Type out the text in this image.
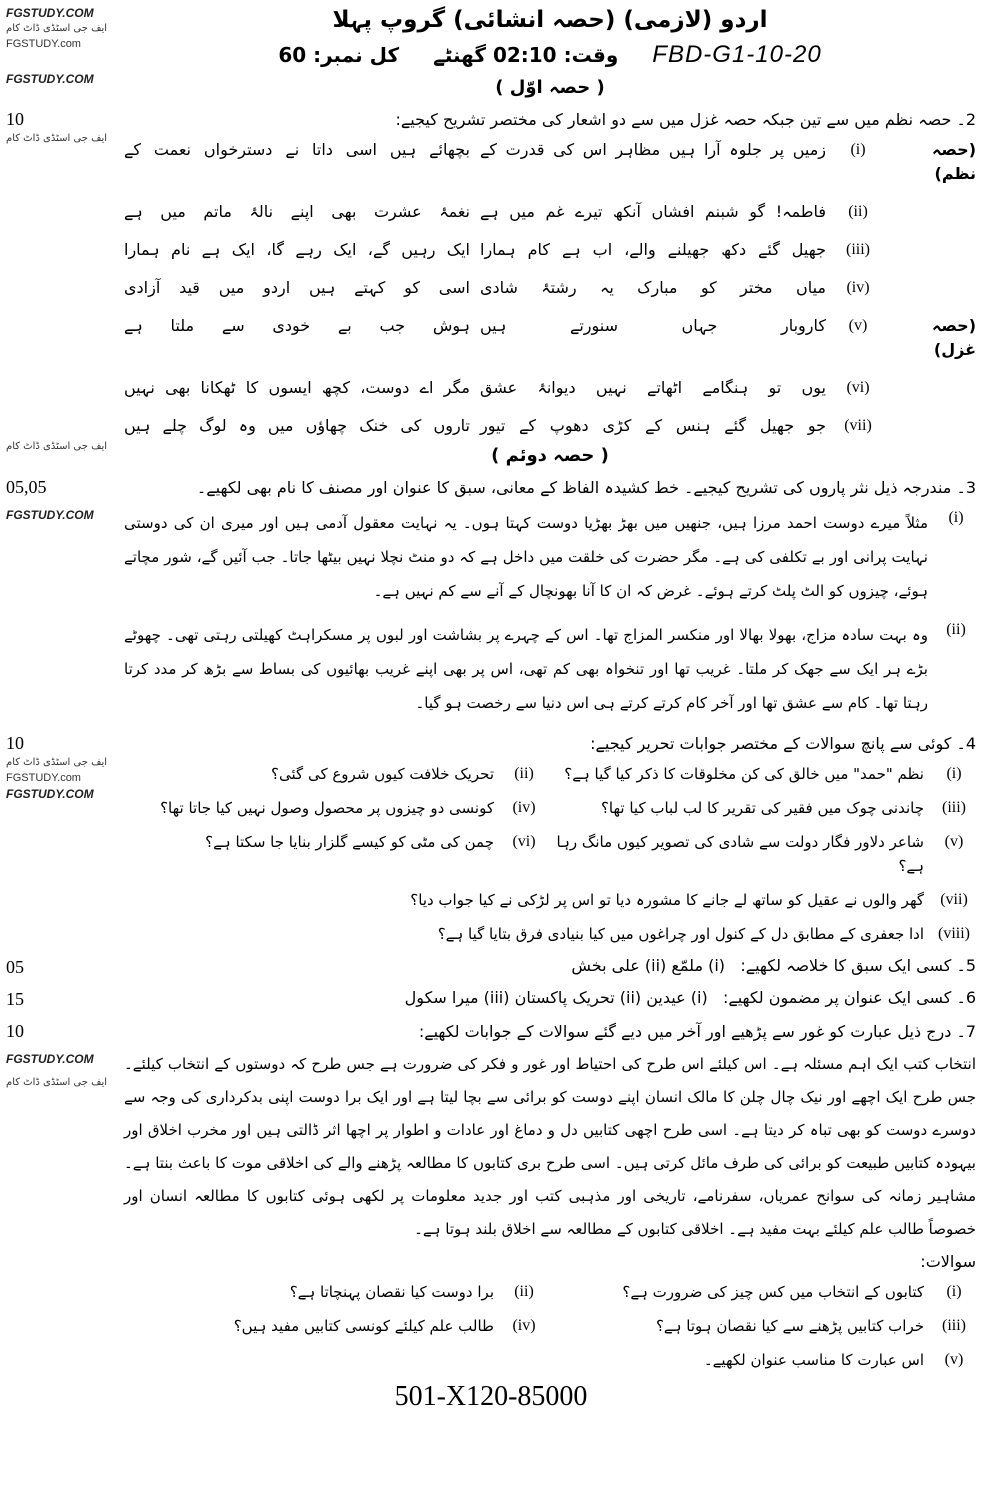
FGSTUDY.COM
ایف جی اسٹڈی ڈاٹ کام
FGSTUDY.com
اردو (لازمی) (حصہ انشائی) گروپ پہلا
کل نمبر: 60 وقت: 02:10 گھنٹے FBD-G1-10-20
FGSTUDY.COM	( حصہ اوّل )
10
ایف جی اسٹڈی ڈاٹ کام
2۔ حصہ نظم میں سے تین جبکہ حصہ غزل میں سے دو اشعار کی مختصر تشریح کیجیے:
(حصہ نظم)
(i)
زمیں پر جلوہ آرا ہیں مظاہر اس کی قدرت کے
بچھائے ہیں اسی داتا نے دسترخواں نعمت کے
(ii)
فاطمہ! گو شبنم افشاں آنکھ تیرے غم میں ہے
نغمۂ عشرت بھی اپنے نالۂ ماتم میں ہے
(iii)
جھیل گئے دکھ جھیلنے والے، اب ہے کام ہمارا
ایک رہیں گے، ایک رہے گا، ایک ہے نام ہمارا
(iv)
میاں مختر کو مبارک یہ رشتۂ شادی
اسی کو کہتے ہیں اردو میں قید آزادی
(حصہ غزل)
(v)
کاروبار جہاں سنورتے ہیں
ہوش جب بے خودی سے ملتا ہے
(vi)
یوں تو ہنگامے اٹھاتے نہیں دیوانۂ عشق
مگر اے دوست، کچھ ایسوں کا ٹھکانا بھی نہیں
(vii)
جو جھیل گئے ہنس کے کڑی دھوپ کے تیور
تاروں کی خنک چھاؤں میں وہ لوگ چلے ہیں
ایف جی اسٹڈی ڈاٹ کام	( حصہ دوئم )
05,05
FGSTUDY.COM
3۔ مندرجہ ذیل نثر پاروں کی تشریح کیجیے۔ خط کشیدہ الفاظ کے معانی، سبق کا عنوان اور مصنف کا نام بھی لکھیے۔
(i)
مثلاً میرے دوست احمد مرزا ہیں، جنھیں میں بھڑ بھڑیا دوست کہتا ہوں۔ یہ نہایت معقول آدمی ہیں اور میری ان کی دوستی نہایت پرانی اور بے تکلفی کی ہے۔ مگر حضرت کی خلقت میں داخل ہے کہ دو منٹ نچلا نہیں بیٹھا جاتا۔ جب آئیں گے، شور مچاتے ہوئے، چیزوں کو الٹ پلٹ کرتے ہوئے۔ غرض کہ ان کا آنا بھونچال کے آنے سے کم نہیں ہے۔
(ii)
وہ بہت سادہ مزاج، بھولا بھالا اور منکسر المزاج تھا۔ اس کے چہرے پر بشاشت اور لبوں پر مسکراہٹ کھیلتی رہتی تھی۔ چھوٹے بڑے ہر ایک سے جھک کر ملتا۔ غریب تھا اور تنخواہ بھی کم تھی، اس پر بھی اپنے غریب بھائیوں کی بساط سے بڑھ کر مدد کرتا رہتا تھا۔ کام سے عشق تھا اور آخر کام کرتے کرتے ہی اس دنیا سے رخصت ہو گیا۔
10
ایف جی اسٹڈی ڈاٹ کام
FGSTUDY.com
FGSTUDY.COM
4۔ کوئی سے پانچ سوالات کے مختصر جوابات تحریر کیجیے:
(i)
نظم "حمد" میں خالق کی کن مخلوقات کا ذکر کیا گیا ہے؟
(ii)
تحریک خلافت کیوں شروع کی گئی؟
(iii)
چاندنی چوک میں فقیر کی تقریر کا لب لباب کیا تھا؟
(iv)
کونسی دو چیزوں پر محصول وصول نہیں کیا جاتا تھا؟
(v)
شاعر دلاور فگار دولت سے شادی کی تصویر کیوں مانگ رہا ہے؟
(vi)
چمن کی مٹی کو کیسے گلزار بنایا جا سکتا ہے؟
(vii)
گھر والوں نے عقیل کو ساتھ لے جانے کا مشورہ دیا تو اس پر لڑکی نے کیا جواب دیا؟
(viii)
ادا جعفری کے مطابق دل کے کنول اور چراغوں میں کیا بنیادی فرق بتایا گیا ہے؟
05	5۔ کسی ایک سبق کا خلاصہ لکھیے:   (i) ملمّع (ii) علی بخش
15	6۔ کسی ایک عنوان پر مضمون لکھیے:   (i) عیدین (ii) تحریک پاکستان (iii) میرا سکول
10
FGSTUDY.COM
ایف جی اسٹڈی ڈاٹ کام
7۔ درج ذیل عبارت کو غور سے پڑھیے اور آخر میں دیے گئے سوالات کے جوابات لکھیے:
انتخاب کتب ایک اہم مسئلہ ہے۔ اس کیلئے اس طرح کی احتیاط اور غور و فکر کی ضرورت ہے جس طرح کہ دوستوں کے انتخاب کیلئے۔ جس طرح ایک اچھے اور نیک چال چلن کا مالک انسان اپنے دوست کو برائی سے بچا لیتا ہے اور ایک برا دوست اپنی بدکرداری کی وجہ سے دوسرے دوست کو بھی تباہ کر دیتا ہے۔ اسی طرح اچھی کتابیں دل و دماغ اور عادات و اطوار پر اچھا اثر ڈالتی ہیں اور مخرب اخلاق اور بیہودہ کتابیں طبیعت کو برائی کی طرف مائل کرتی ہیں۔ اسی طرح بری کتابوں کا مطالعہ پڑھنے والے کی اخلاقی موت کا باعث بنتا ہے۔ مشاہیر زمانہ کی سوانح عمریاں، سفرنامے، تاریخی اور مذہبی کتب اور جدید معلومات پر لکھی ہوئی کتابوں کا مطالعہ انسان اور خصوصاً طالب علم کیلئے بہت مفید ہے۔ اخلاقی کتابوں کے مطالعہ سے اخلاق بلند ہوتا ہے۔
سوالات:
(i)
کتابوں کے انتخاب میں کس چیز کی ضرورت ہے؟
(ii)
برا دوست کیا نقصان پہنچاتا ہے؟
(iii)
خراب کتابیں پڑھنے سے کیا نقصان ہوتا ہے؟
(iv)
طالب علم کیلئے کونسی کتابیں مفید ہیں؟
(v)
اس عبارت کا مناسب عنوان لکھیے۔
501-X120-85000
